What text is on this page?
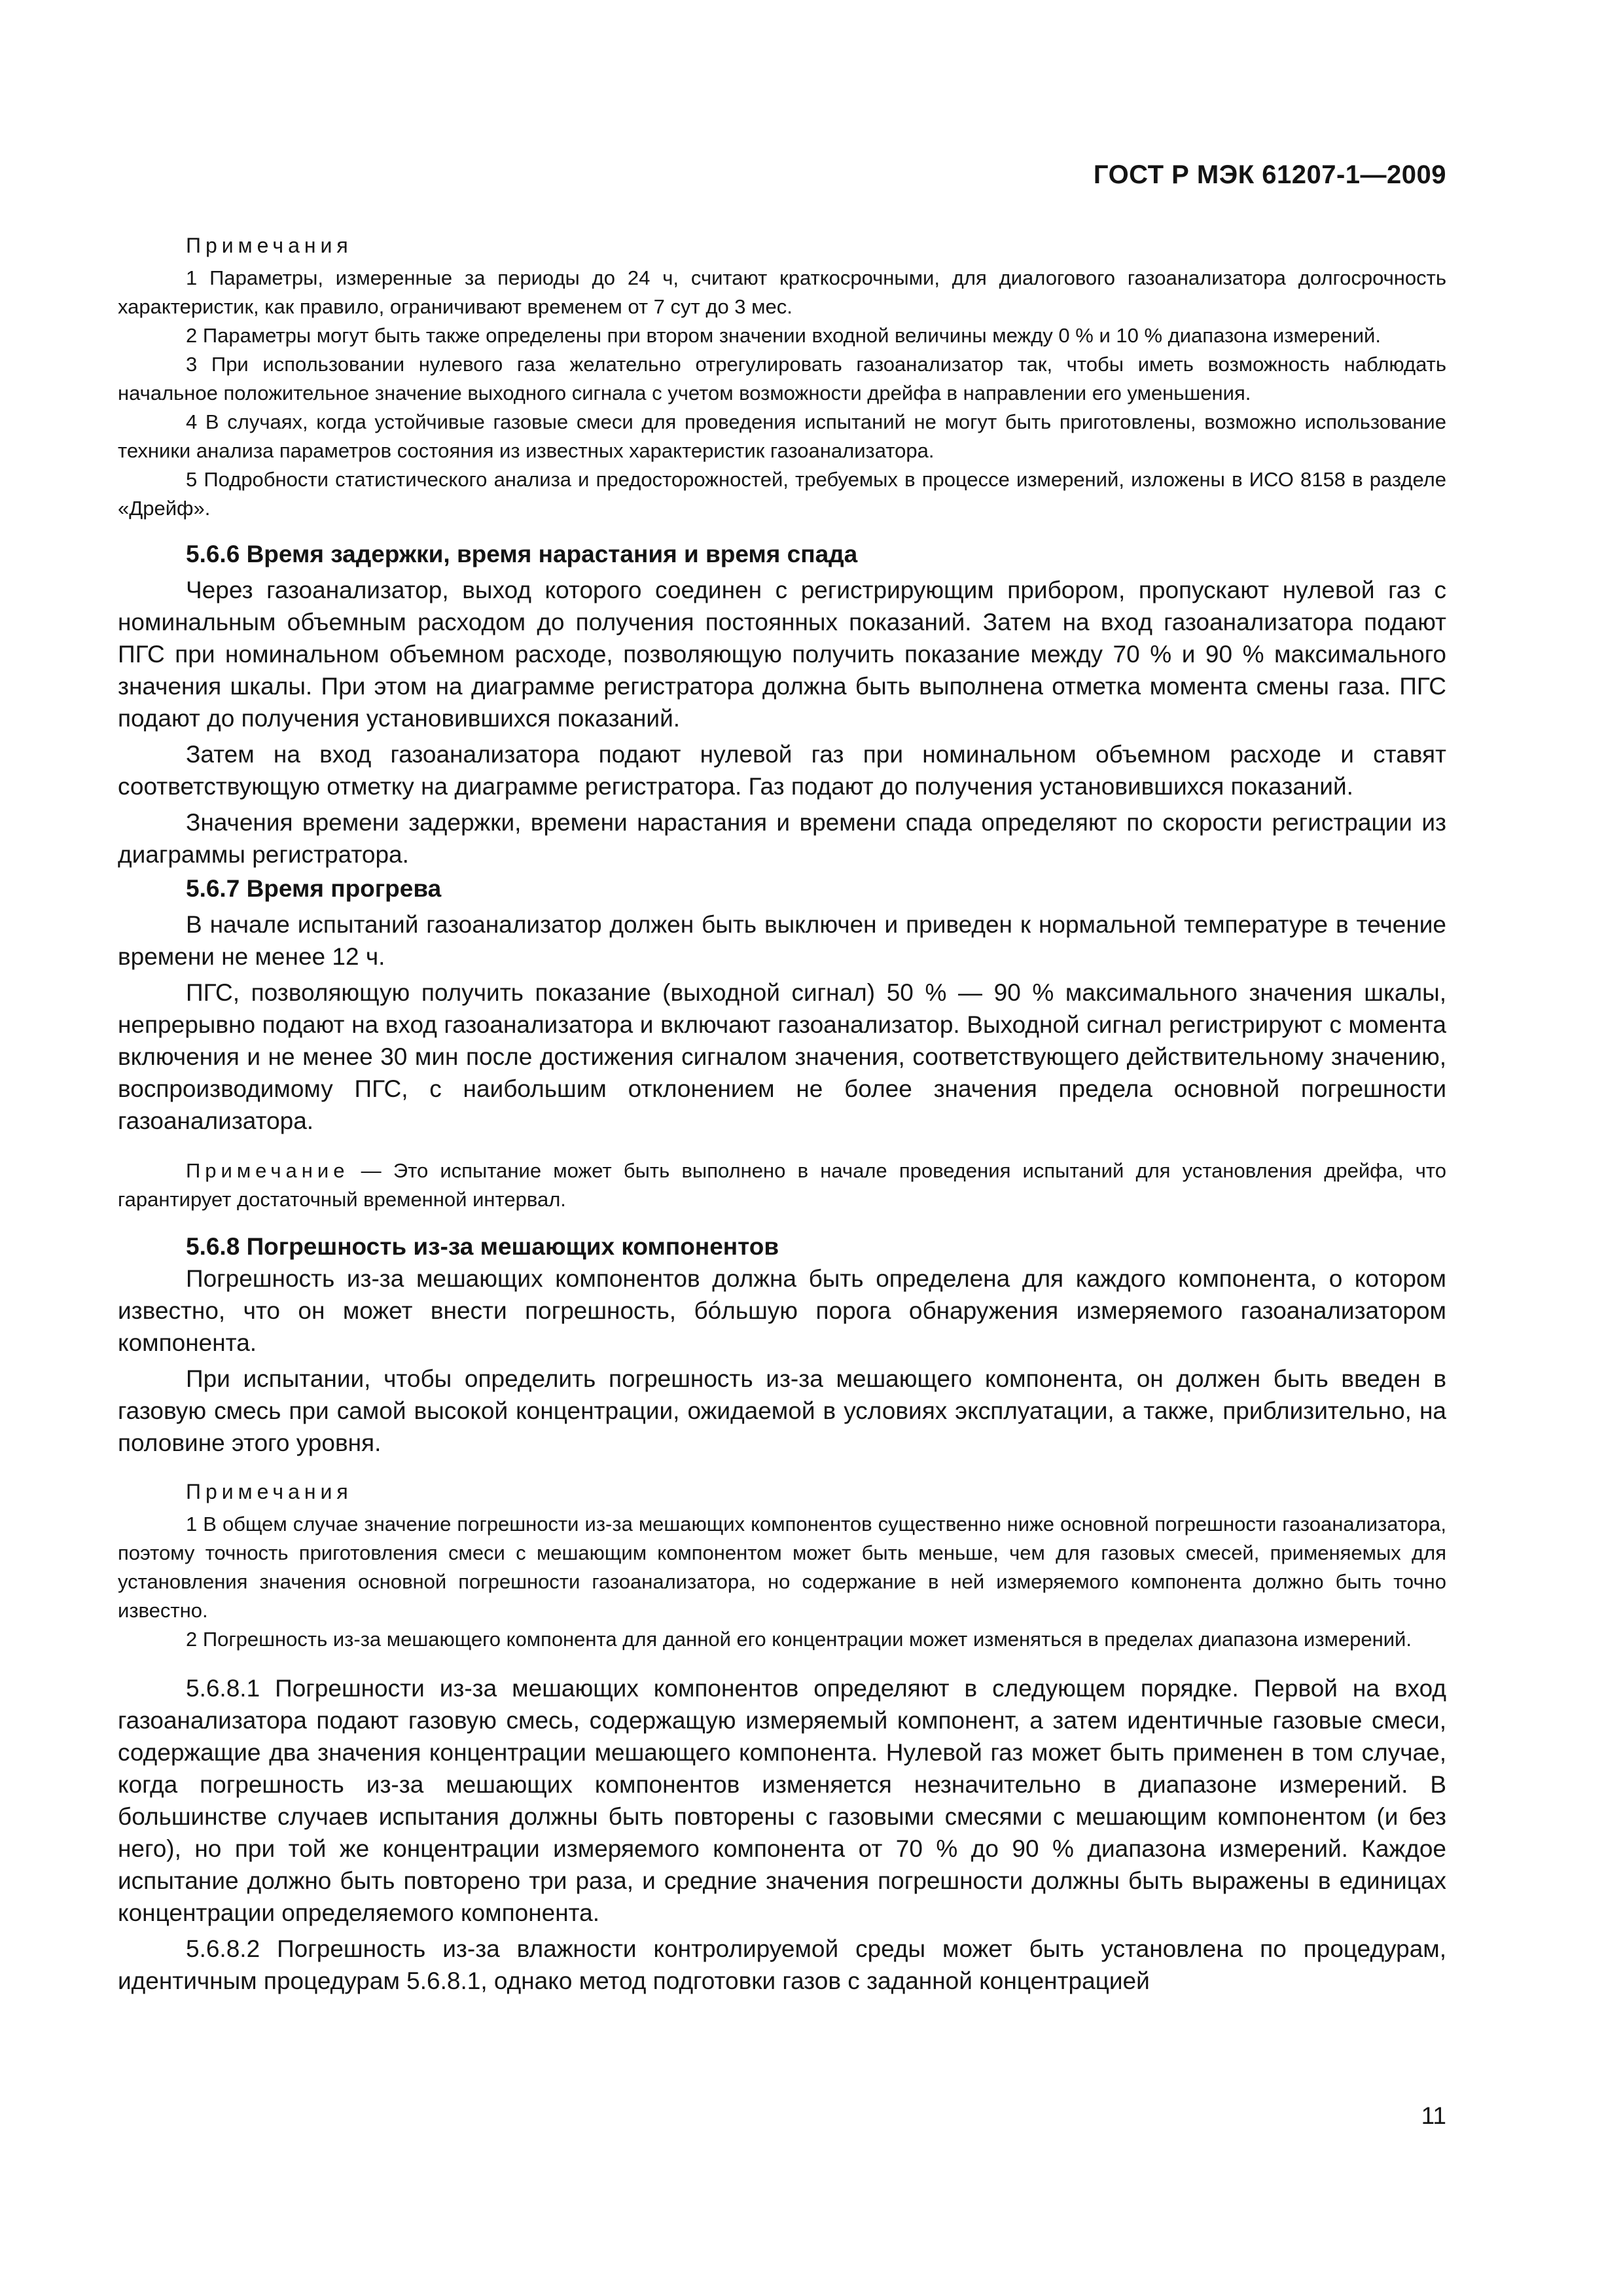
ГОСТ Р МЭК 61207-1—2009
Примечания

1 Параметры, измеренные за периоды до 24 ч, считают краткосрочными, для диалогового газоанализатора долгосрочность характеристик, как правило, ограничивают временем от 7 сут до 3 мес.

2 Параметры могут быть также определены при втором значении входной величины между 0 % и 10 % диапазона измерений.

3 При использовании нулевого газа желательно отрегулировать газоанализатор так, чтобы иметь возможность наблюдать начальное положительное значение выходного сигнала с учетом возможности дрейфа в направлении его уменьшения.

4 В случаях, когда устойчивые газовые смеси для проведения испытаний не могут быть приготовлены, возможно использование техники анализа параметров состояния из известных характеристик газоанализатора.

5 Подробности статистического анализа и предосторожностей, требуемых в процессе измерений, изложены в ИСО 8158 в разделе «Дрейф».

5.6.6 Время задержки, время нарастания и время спада

Через газоанализатор, выход которого соединен с регистрирующим прибором, пропускают нулевой газ с номинальным объемным расходом до получения постоянных показаний. Затем на вход газоанализатора подают ПГС при номинальном объемном расходе, позволяющую получить показание между 70 % и 90 % максимального значения шкалы. При этом на диаграмме регистратора должна быть выполнена отметка момента смены газа. ПГС подают до получения установившихся показаний.

Затем на вход газоанализатора подают нулевой газ при номинальном объемном расходе и ставят соответствующую отметку на диаграмме регистратора. Газ подают до получения установившихся показаний.

Значения времени задержки, времени нарастания и времени спада определяют по скорости регистрации из диаграммы регистратора.

5.6.7 Время прогрева

В начале испытаний газоанализатор должен быть выключен и приведен к нормальной температуре в течение времени не менее 12 ч.

ПГС, позволяющую получить показание (выходной сигнал) 50 % — 90 % максимального значения шкалы, непрерывно подают на вход газоанализатора и включают газоанализатор. Выходной сигнал регистрируют с момента включения и не менее 30 мин после достижения сигналом значения, соответствующего действительному значению, воспроизводимому ПГС, с наибольшим отклонением не более значения предела основной погрешности газоанализатора.

Примечание — Это испытание может быть выполнено в начале проведения испытаний для установления дрейфа, что гарантирует достаточный временной интервал.

5.6.8 Погрешность из-за мешающих компонентов

Погрешность из-за мешающих компонентов должна быть определена для каждого компонента, о котором известно, что он может внести погрешность, бóльшую порога обнаружения измеряемого газоанализатором компонента.

При испытании, чтобы определить погрешность из-за мешающего компонента, он должен быть введен в газовую смесь при самой высокой концентрации, ожидаемой в условиях эксплуатации, а также, приблизительно, на половине этого уровня.

Примечания

1 В общем случае значение погрешности из-за мешающих компонентов существенно ниже основной погрешности газоанализатора, поэтому точность приготовления смеси с мешающим компонентом может быть меньше, чем для газовых смесей, применяемых для установления значения основной погрешности газоанализатора, но содержание в ней измеряемого компонента должно быть точно известно.

2 Погрешность из-за мешающего компонента для данной его концентрации может изменяться в пределах диапазона измерений.

5.6.8.1 Погрешности из-за мешающих компонентов определяют в следующем порядке. Первой на вход газоанализатора подают газовую смесь, содержащую измеряемый компонент, а затем идентичные газовые смеси, содержащие два значения концентрации мешающего компонента. Нулевой газ может быть применен в том случае, когда погрешность из-за мешающих компонентов изменяется незначительно в диапазоне измерений. В большинстве случаев испытания должны быть повторены с газовыми смесями с мешающим компонентом (и без него), но при той же концентрации измеряемого компонента от 70 % до 90 % диапазона измерений. Каждое испытание должно быть повторено три раза, и средние значения погрешности должны быть выражены в единицах концентрации определяемого компонента.

5.6.8.2 Погрешность из-за влажности контролируемой среды может быть установлена по процедурам, идентичным процедурам 5.6.8.1, однако метод подготовки газов с заданной концентрацией

11
